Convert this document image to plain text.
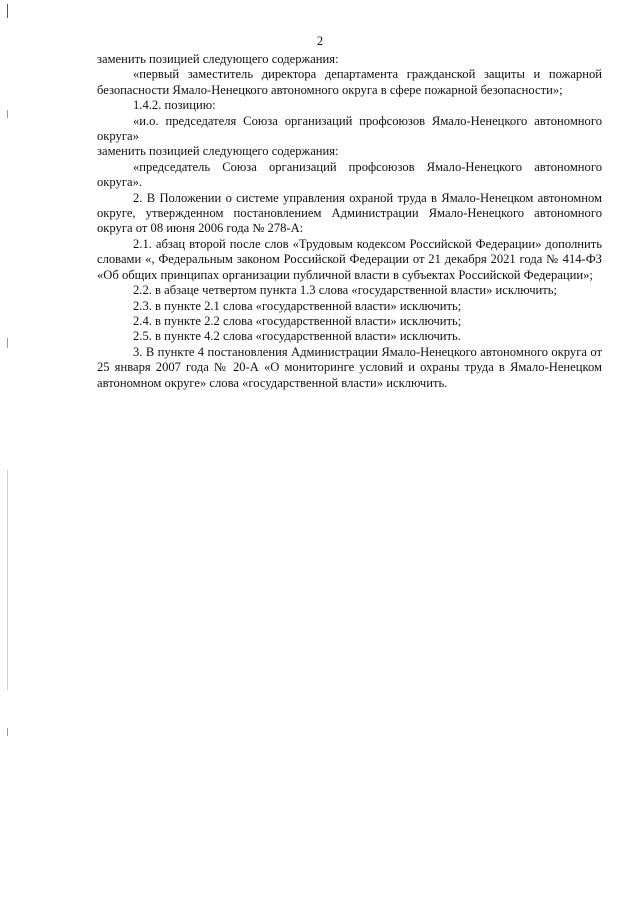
2

заменить позицией следующего содержания:

«первый заместитель директора департамента гражданской защиты и пожарной безопасности Ямало-Ненецкого автономного округа в сфере пожарной безопасности»;

1.4.2. позицию:

«и.о. председателя Союза организаций профсоюзов Ямало-Ненецкого автономного округа»

заменить позицией следующего содержания:

«председатель Союза организаций профсоюзов Ямало-Ненецкого автономного округа».

2. В Положении о системе управления охраной труда в Ямало-Ненецком автономном округе, утвержденном постановлением Администрации Ямало-Ненецкого автономного округа от 08 июня 2006 года № 278-А:

2.1. абзац второй после слов «Трудовым кодексом Российской Федерации» дополнить словами «, Федеральным законом Российской Федерации от 21 декабря 2021 года № 414-ФЗ «Об общих принципах организации публичной власти в субъектах Российской Федерации»;

2.2. в абзаце четвертом пункта 1.3 слова «государственной власти» исключить;

2.3. в пункте 2.1 слова «государственной власти» исключить;

2.4. в пункте 2.2 слова «государственной власти» исключить;

2.5. в пункте 4.2 слова «государственной власти» исключить.

3. В пункте 4 постановления Администрации Ямало-Ненецкого автономного округа от 25 января 2007 года № 20-А «О мониторинге условий и охраны труда в Ямало-Ненецком автономном округе» слова «государственной власти» исключить.
